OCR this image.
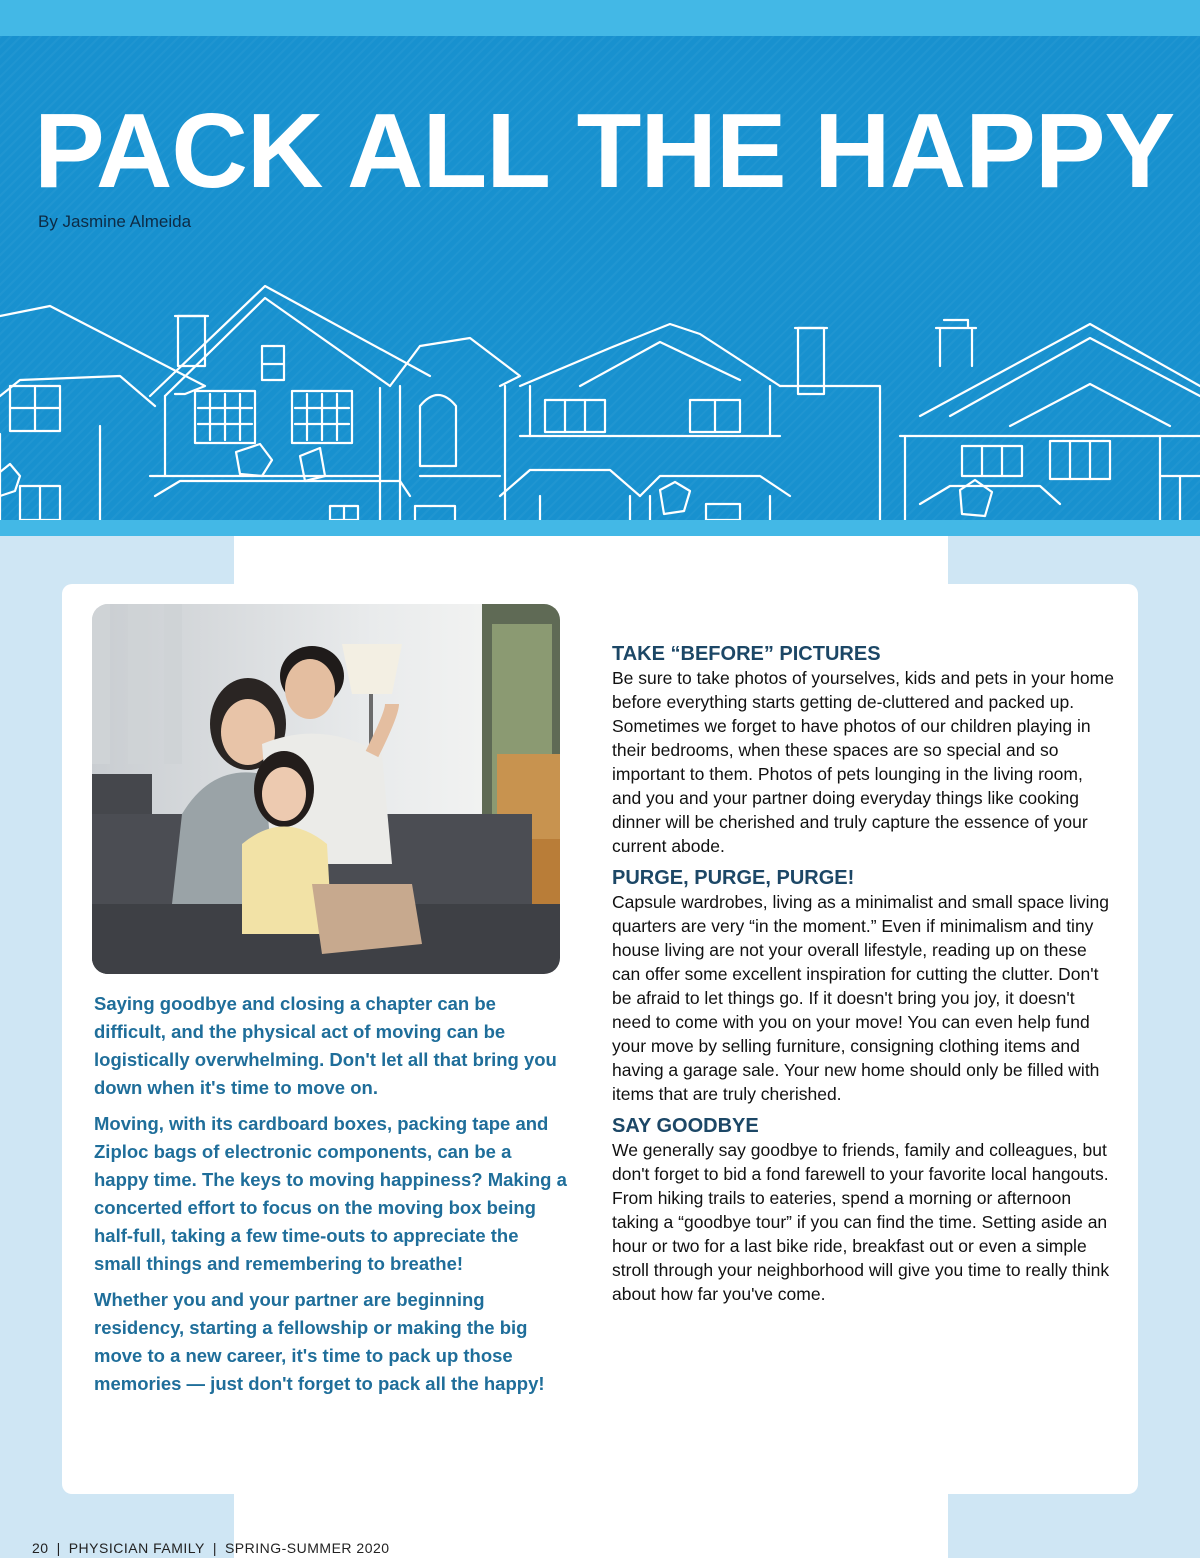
PACK ALL THE HAPPY
By Jasmine Almeida

Saying goodbye and closing a chapter can be difficult, and the physical act of moving can be logistically overwhelming. Don't let all that bring you down when it's time to move on.

Moving, with its cardboard boxes, packing tape and Ziploc bags of electronic components, can be a happy time. The keys to moving happiness? Making a concerted effort to focus on the moving box being half-full, taking a few time-outs to appreciate the small things and remembering to breathe!

Whether you and your partner are beginning residency, starting a fellowship or making the big move to a new career, it's time to pack up those memories — just don't forget to pack all the happy!

TAKE “BEFORE” PICTURES

Be sure to take photos of yourselves, kids and pets in your home before everything starts getting de-cluttered and packed up. Sometimes we forget to have photos of our children playing in their bedrooms, when these spaces are so special and so important to them. Photos of pets lounging in the living room, and you and your partner doing everyday things like cooking dinner will be cherished and truly capture the essence of your current abode.

PURGE, PURGE, PURGE!

Capsule wardrobes, living as a minimalist and small space living quarters are very “in the moment.” Even if minimalism and tiny house living are not your overall lifestyle, reading up on these can offer some excellent inspiration for cutting the clutter. Don't be afraid to let things go. If it doesn't bring you joy, it doesn't need to come with you on your move! You can even help fund your move by selling furniture, consigning clothing items and having a garage sale. Your new home should only be filled with items that are truly cherished.

SAY GOODBYE

We generally say goodbye to friends, family and colleagues, but don't forget to bid a fond farewell to your favorite local hangouts. From hiking trails to eateries, spend a morning or afternoon taking a “goodbye tour” if you can find the time. Setting aside an hour or two for a last bike ride, breakfast out or even a simple stroll through your neighborhood will give you time to really think about how far you've come.

20 | PHYSICIAN FAMILY | SPRING-SUMMER 2020
